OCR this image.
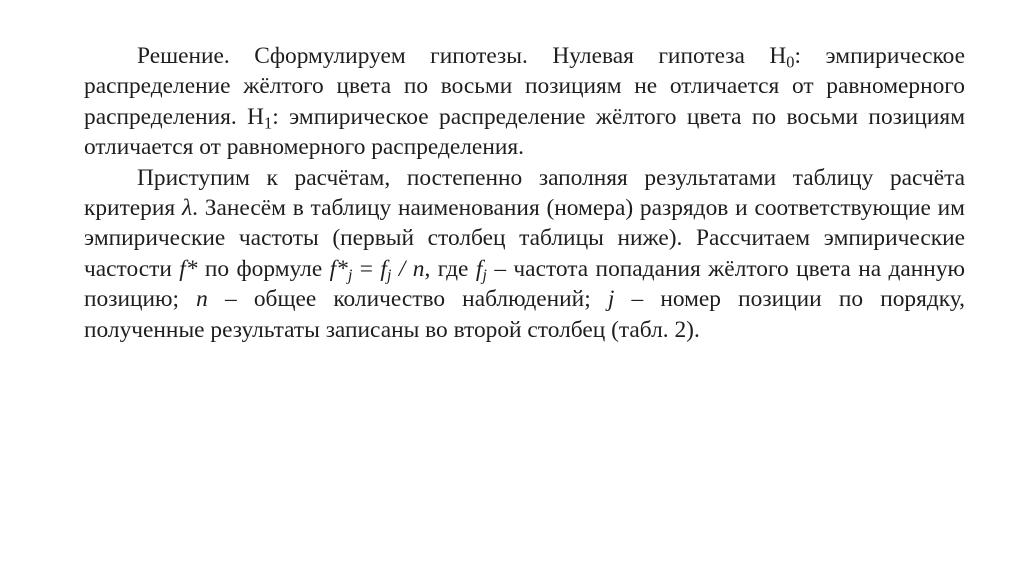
Решение. Сформулируем гипотезы. Нулевая гипотеза $H_0$: эмпирическое распределение жёлтого цвета по восьми позициям не отличается от равномерного распределения. $H_1$: эмпирическое распределение жёлтого цвета по восьми позициям отличается от равномерного распределения.

Приступим к расчётам, постепенно заполняя результатами таблицу расчёта критерия λ. Занесём в таблицу наименования (номера) разрядов и соответствующие им эмпирические частоты (первый столбец таблицы ниже). Рассчитаем эмпирические частости f* по формуле $f*_j = f_j / n$, где $f_j$ – частота попадания жёлтого цвета на данную позицию; n – общее количество наблюдений; j – номер позиции по порядку, полученные результаты записаны во второй столбец (табл. 2).
